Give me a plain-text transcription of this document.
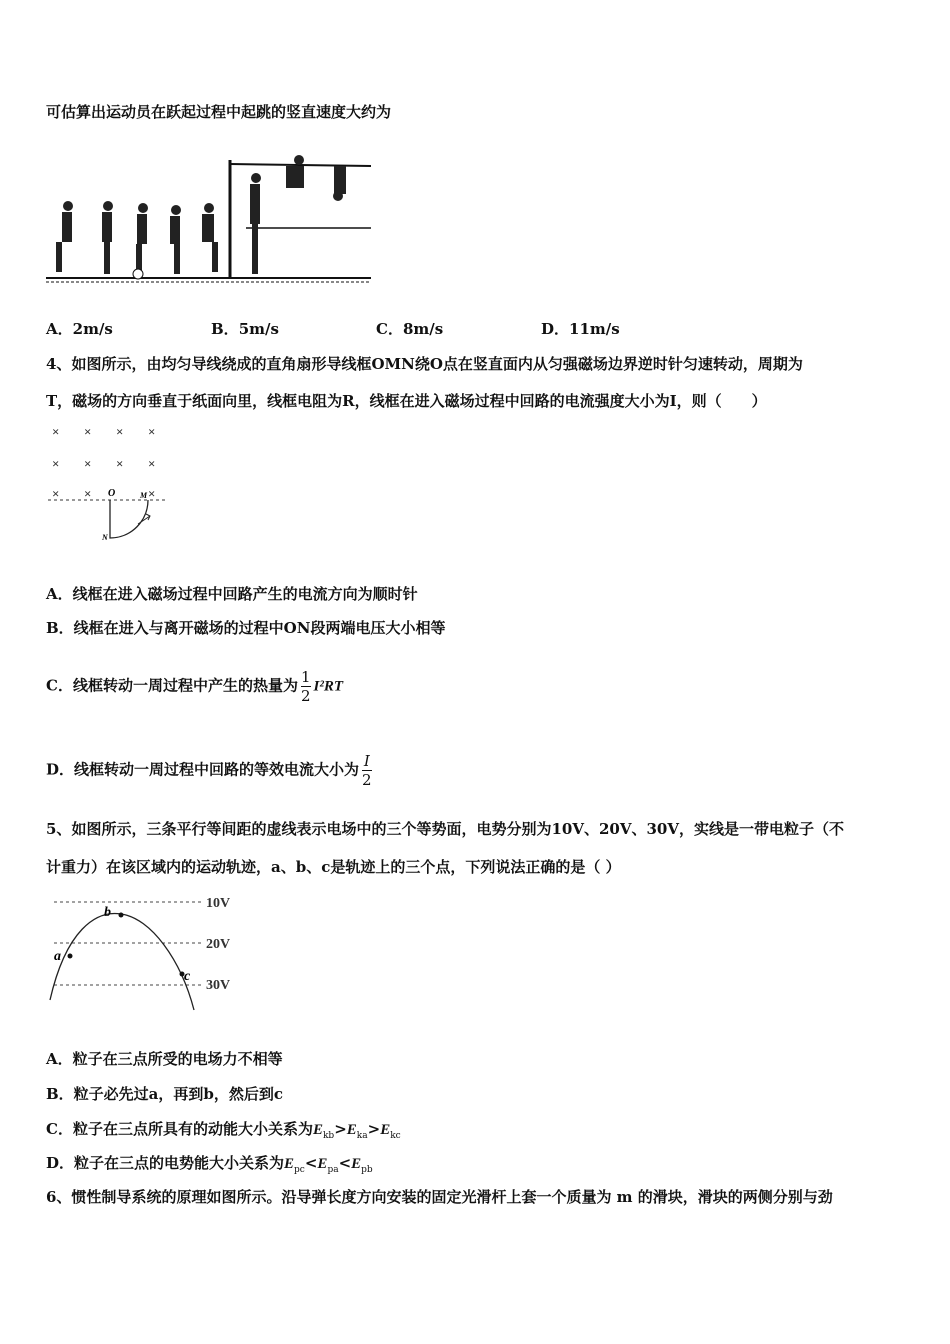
可估算出运动员在跃起过程中起跳的竖直速度大约为
A．2m/s	B．5m/s	C．8m/s	D．11m/s
4、如图所示，由均匀导线绕成的直角扇形导线框OMN绕O点在竖直面内从匀强磁场边界逆时针匀速转动，周期为
T，磁场的方向垂直于纸面向里，线框电阻为R，线框在进入磁场过程中回路的电流强度大小为I，则（　　）
× × × ×
× × × ×
× ×	×
O	M
N
A．线框在进入磁场过程中回路产生的电流方向为顺时针
B．线框在进入与离开磁场的过程中ON段两端电压大小相等
C．线框转动一周过程中产生的热量为 $\frac{1}{2} I^2RT$
D．线框转动一周过程中回路的等效电流大小为 $\frac{I}{2}$
5、如图所示，三条平行等间距的虚线表示电场中的三个等势面，电势分别为10V、20V、30V，实线是一带电粒子（不
计重力）在该区域内的运动轨迹，a、b、c是轨迹上的三个点，下列说法正确的是（ ）
10V
20V
30V
a
b
c
A．粒子在三点所受的电场力不相等
B．粒子必先过a，再到b，然后到c
C．粒子在三点所具有的动能大小关系为$E_{kb}>E_{ka}>E_{kc}$
D．粒子在三点的电势能大小关系为$E_{pc}<E_{pa}<E_{pb}$
6、惯性制导系统的原理如图所示。沿导弹长度方向安装的固定光滑杆上套一个质量为 m 的滑块，滑块的两侧分别与劲
